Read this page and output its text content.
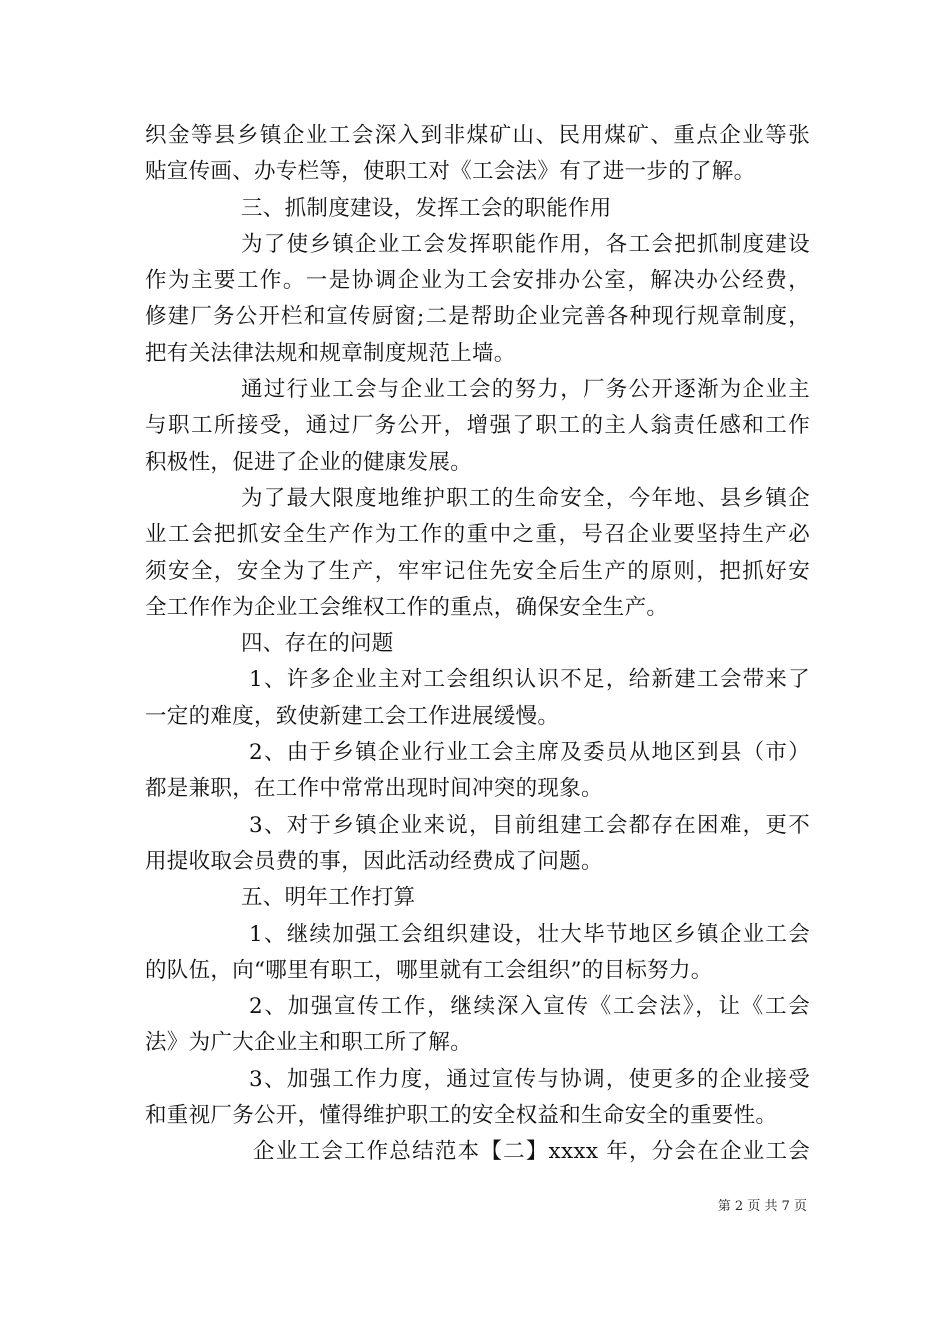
织金等县乡镇企业工会深入到非煤矿山、民用煤矿、重点企业等张
贴宣传画、办专栏等，使职工对《工会法》有了进一步的了解。
三、抓制度建设，发挥工会的职能作用
为了使乡镇企业工会发挥职能作用，各工会把抓制度建设
作为主要工作。一是协调企业为工会安排办公室，解决办公经费，
修建厂务公开栏和宣传厨窗;二是帮助企业完善各种现行规章制度，
把有关法律法规和规章制度规范上墙。
通过行业工会与企业工会的努力，厂务公开逐渐为企业主
与职工所接受，通过厂务公开，增强了职工的主人翁责任感和工作
积极性，促进了企业的健康发展。
为了最大限度地维护职工的生命安全，今年地、县乡镇企
业工会把抓安全生产作为工作的重中之重，号召企业要坚持生产必
须安全，安全为了生产，牢牢记住先安全后生产的原则，把抓好安
全工作作为企业工会维权工作的重点，确保安全生产。
四、存在的问题
1、许多企业主对工会组织认识不足，给新建工会带来了
一定的难度，致使新建工会工作进展缓慢。
2、由于乡镇企业行业工会主席及委员从地区到县（市）
都是兼职，在工作中常常出现时间冲突的现象。
3、对于乡镇企业来说，目前组建工会都存在困难，更不
用提收取会员费的事，因此活动经费成了问题。
五、明年工作打算
1、继续加强工会组织建设，壮大毕节地区乡镇企业工会
的队伍，向“哪里有职工，哪里就有工会组织”的目标努力。
2、加强宣传工作，继续深入宣传《工会法》，让《工会
法》为广大企业主和职工所了解。
3、加强工作力度，通过宣传与协调，使更多的企业接受
和重视厂务公开，懂得维护职工的安全权益和生命安全的重要性。
企业工会工作总结范本【二】xxxx 年，分会在企业工会
第 2 页 共 7 页
